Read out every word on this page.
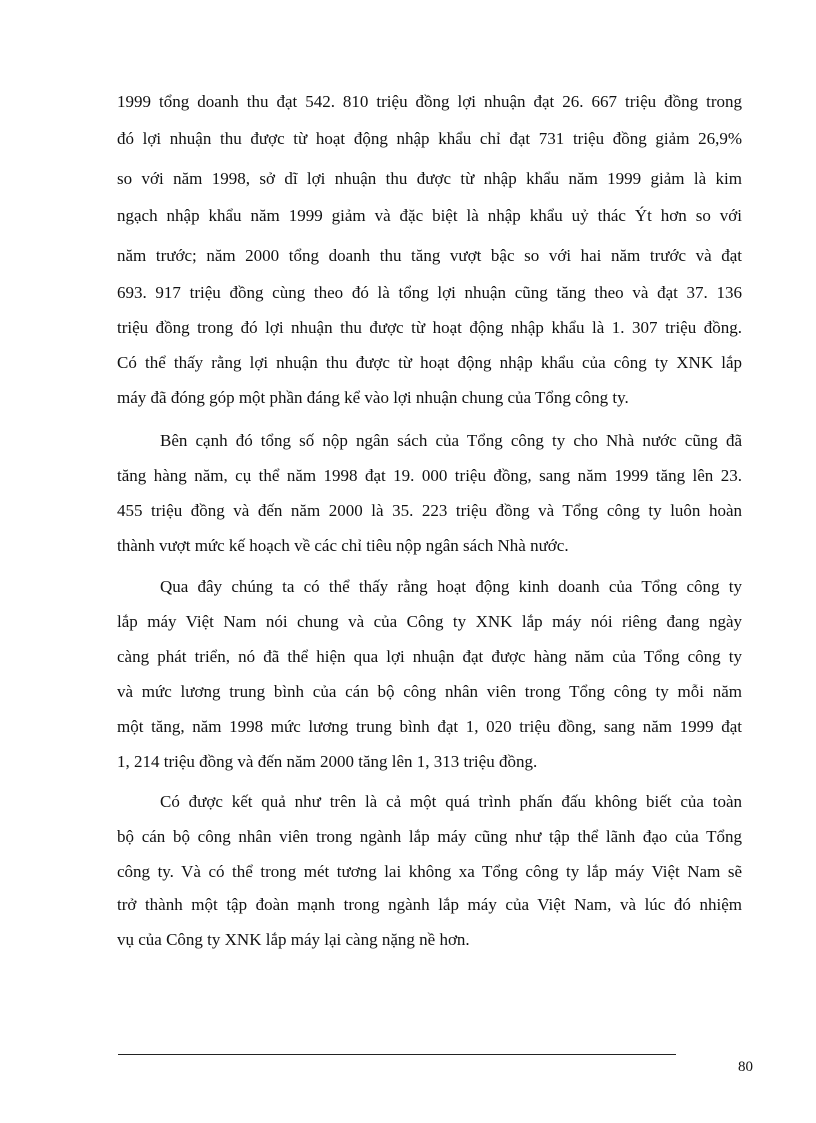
1999 tổng doanh thu đạt 542. 810 triệu đồng lợi nhuận đạt 26. 667 triệu đồng trong
đó lợi nhuận thu được từ hoạt động nhập khẩu chỉ đạt 731 triệu đồng giảm 26,9%
so với năm 1998, sở dĩ lợi nhuận thu được từ nhập khẩu năm 1999 giảm là kim
ngạch nhập khẩu năm 1999 giảm và đặc biệt là nhập khẩu uỷ thác Ýt hơn so với
năm trước; năm 2000 tổng doanh thu tăng vượt bậc so với hai năm trước và đạt
693. 917 triệu đồng cùng theo đó là tổng lợi nhuận cũng tăng theo và đạt 37. 136
triệu đồng trong đó lợi nhuận thu được từ hoạt động nhập khẩu là 1. 307 triệu đồng.
Có thể thấy rằng lợi nhuận thu được từ hoạt động nhập khẩu của công ty XNK lắp
máy đã đóng góp một phần đáng kể vào lợi nhuận chung của Tổng công ty.
Bên cạnh đó tổng số nộp ngân sách của Tổng công ty cho Nhà nước cũng đã
tăng hàng năm, cụ thể năm 1998 đạt 19. 000 triệu đồng, sang năm 1999 tăng lên 23.
455 triệu đồng và đến năm 2000 là 35. 223 triệu đồng và Tổng công ty luôn hoàn
thành vượt mức kế hoạch về các chỉ tiêu nộp ngân sách Nhà nước.
Qua đây chúng ta có thể thấy rằng hoạt động kinh doanh của Tổng công ty
lắp máy Việt Nam nói chung và của Công ty XNK lắp máy nói riêng đang ngày
càng phát triển, nó đã thể hiện qua lợi nhuận đạt được hàng năm của Tổng công ty
và mức lương trung bình của cán bộ công nhân viên trong Tổng công ty mỗi năm
một tăng, năm 1998 mức lương trung bình đạt 1, 020 triệu đồng, sang năm 1999 đạt
1, 214 triệu đồng và đến năm 2000 tăng lên 1, 313 triệu đồng.
Có được kết quả như trên là cả một quá trình phấn đấu không biết của toàn
bộ cán bộ công nhân viên trong ngành lắp máy cũng như tập thể lãnh đạo của Tổng
công ty. Và có thể trong mét tương lai không xa Tổng công ty lắp máy Việt Nam sẽ
trở thành một tập đoàn mạnh trong ngành lắp máy của Việt Nam, và lúc đó nhiệm
vụ của Công ty XNK lắp máy lại càng nặng nề hơn.
80
